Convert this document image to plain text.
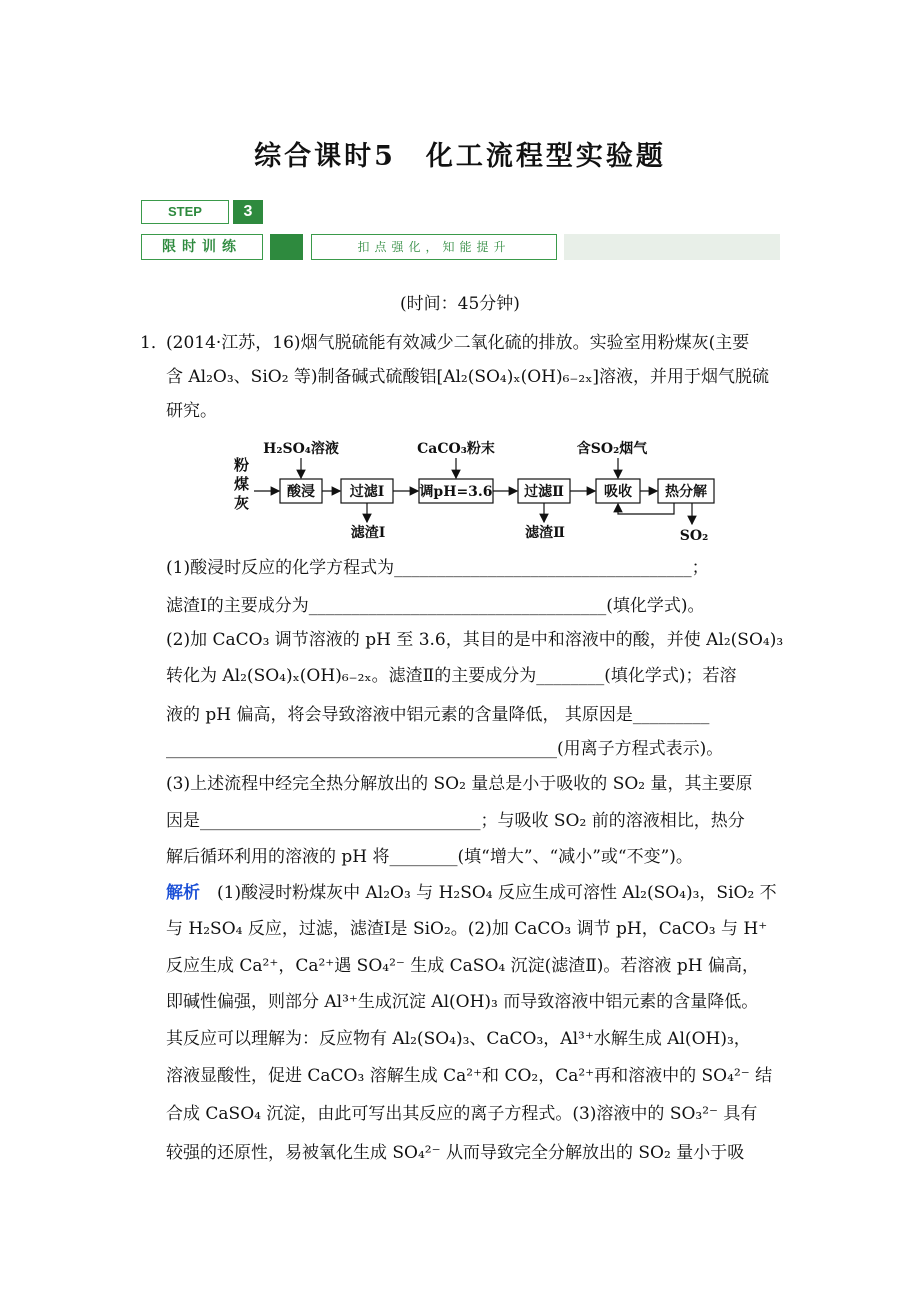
综合课时5　化工流程型实验题
STEP	3
限时训练	扣点强化，知能提升
(时间：45分钟)
1．
(2014·江苏，16)烟气脱硫能有效减少二氧化硫的排放。实验室用粉煤灰(主要
含 Al₂O₃、SiO₂ 等)制备碱式硫酸铝[Al₂(SO₄)ₓ(OH)₆₋₂ₓ]溶液，并用于烟气脱硫
研究。
粉
煤
灰
酸浸 过滤Ⅰ	调pH=3.6 过滤Ⅱ	吸收 热分解
H₂SO₄溶液	CaCO₃粉末	含SO₂烟气
滤渣Ⅰ	滤渣Ⅱ	SO₂
(1)酸浸时反应的化学方程式为___________________________________；
滤渣Ⅰ的主要成分为___________________________________(填化学式)。
(2)加 CaCO₃ 调节溶液的 pH 至 3.6，其目的是中和溶液中的酸，并使 Al₂(SO₄)₃
转化为 Al₂(SO₄)ₓ(OH)₆₋₂ₓ。滤渣Ⅱ的主要成分为________(填化学式)；若溶
液的 pH 偏高，将会导致溶液中铝元素的含量降低， 其原因是_________
______________________________________________(用离子方程式表示)。
(3)上述流程中经完全热分解放出的 SO₂ 量总是小于吸收的 SO₂ 量，其主要原
因是_________________________________；与吸收 SO₂ 前的溶液相比，热分
解后循环利用的溶液的 pH 将________(填“增大”、“减小”或“不变”)。
解析　(1)酸浸时粉煤灰中 Al₂O₃ 与 H₂SO₄ 反应生成可溶性 Al₂(SO₄)₃，SiO₂ 不
与 H₂SO₄ 反应，过滤，滤渣Ⅰ是 SiO₂。(2)加 CaCO₃ 调节 pH，CaCO₃ 与 H⁺
反应生成 Ca²⁺，Ca²⁺遇 SO₄²⁻ 生成 CaSO₄ 沉淀(滤渣Ⅱ)。若溶液 pH 偏高，
即碱性偏强，则部分 Al³⁺生成沉淀 Al(OH)₃ 而导致溶液中铝元素的含量降低。
其反应可以理解为：反应物有 Al₂(SO₄)₃、CaCO₃，Al³⁺水解生成 Al(OH)₃，
溶液显酸性，促进 CaCO₃ 溶解生成 Ca²⁺和 CO₂，Ca²⁺再和溶液中的 SO₄²⁻ 结
合成 CaSO₄ 沉淀，由此可写出其反应的离子方程式。(3)溶液中的 SO₃²⁻ 具有
较强的还原性，易被氧化生成 SO₄²⁻ 从而导致完全分解放出的 SO₂ 量小于吸
